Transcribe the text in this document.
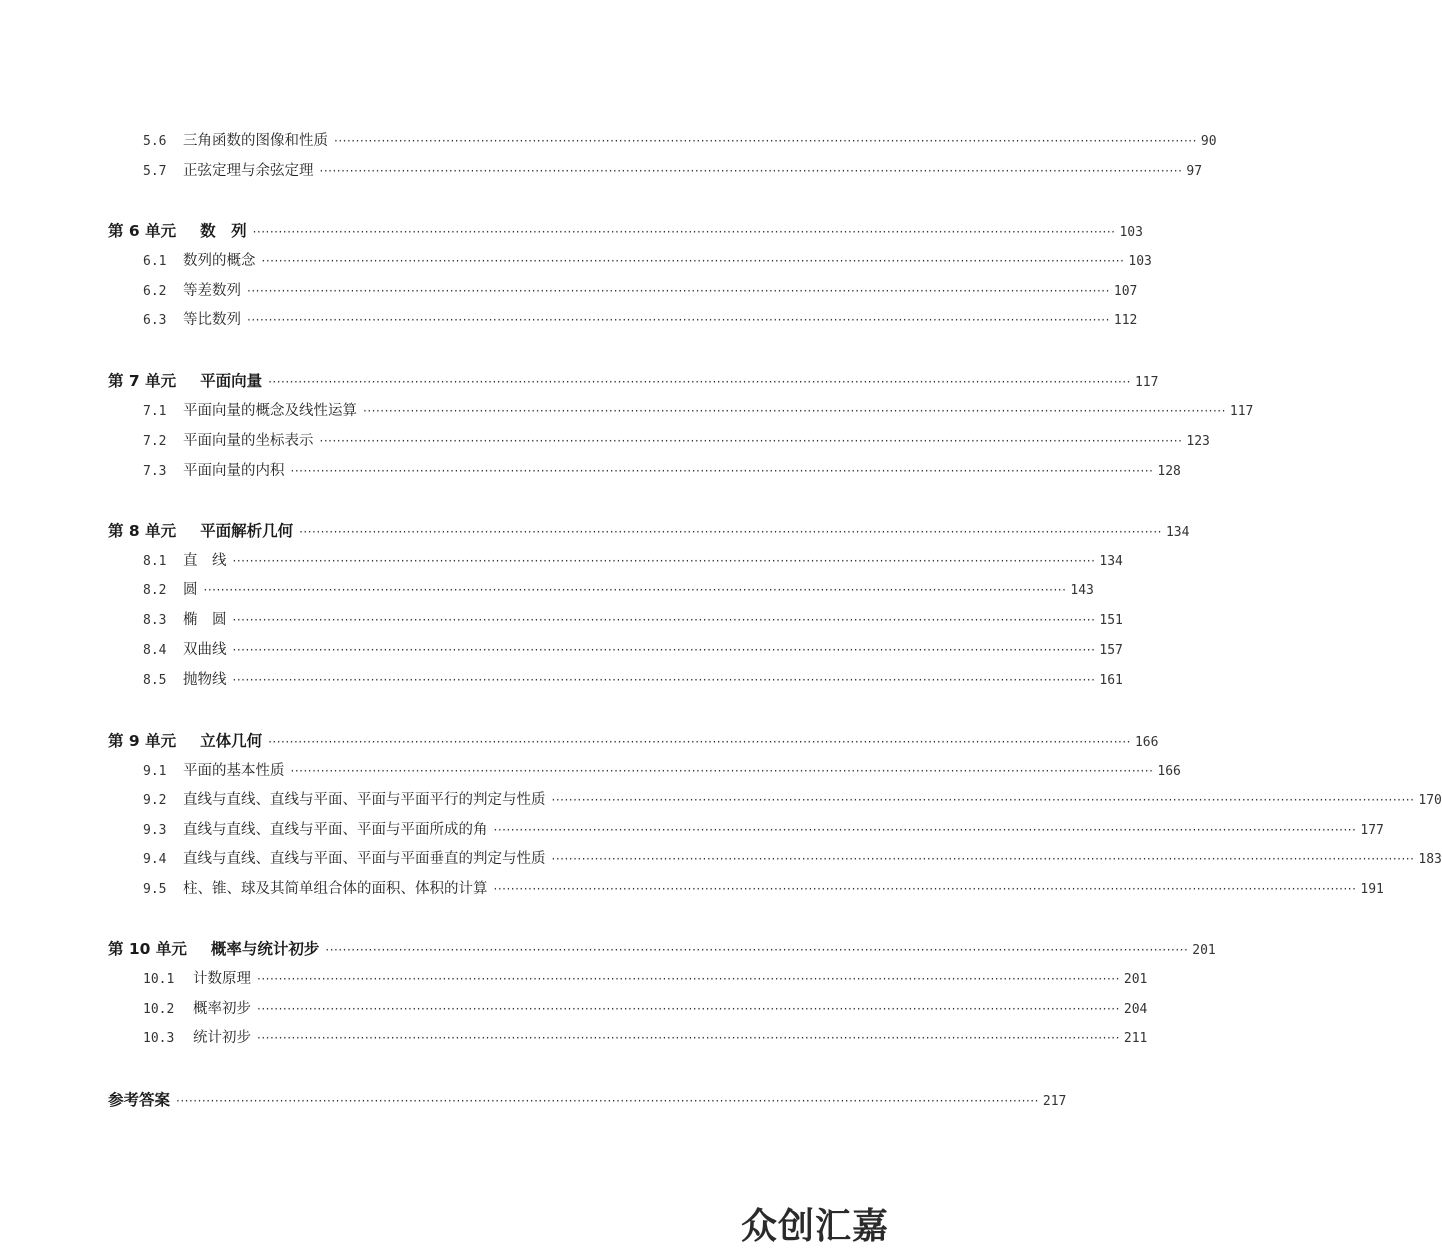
5.6	三角函数的图像和性质 ········································································································································································································ 90
5.7	正弦定理与余弦定理 ········································································································································································································ 97
第 6 单元	数　列 ········································································································································································································ 103
6.1	数列的概念 ········································································································································································································ 103
6.2	等差数列 ········································································································································································································ 107
6.3	等比数列 ········································································································································································································ 112
第 7 单元	平面向量 ········································································································································································································ 117
7.1	平面向量的概念及线性运算 ········································································································································································································ 117
7.2	平面向量的坐标表示 ········································································································································································································ 123
7.3	平面向量的内积 ········································································································································································································ 128
第 8 单元	平面解析几何 ········································································································································································································ 134
8.1	直　线 ········································································································································································································ 134
8.2	圆 ········································································································································································································ 143
8.3	椭　圆 ········································································································································································································ 151
8.4	双曲线 ········································································································································································································ 157
8.5	抛物线 ········································································································································································································ 161
第 9 单元	立体几何 ········································································································································································································ 166
9.1	平面的基本性质 ········································································································································································································ 166
9.2	直线与直线、直线与平面、平面与平面平行的判定与性质 ········································································································································································································ 170
9.3	直线与直线、直线与平面、平面与平面所成的角 ········································································································································································································ 177
9.4	直线与直线、直线与平面、平面与平面垂直的判定与性质 ········································································································································································································ 183
9.5	柱、锥、球及其简单组合体的面积、体积的计算 ········································································································································································································ 191
第 10 单元	概率与统计初步 ········································································································································································································ 201
10.1	计数原理 ········································································································································································································ 201
10.2	概率初步 ········································································································································································································ 204
10.3	统计初步 ········································································································································································································ 211
参考答案 ········································································································································································································ 217
众创汇嘉
